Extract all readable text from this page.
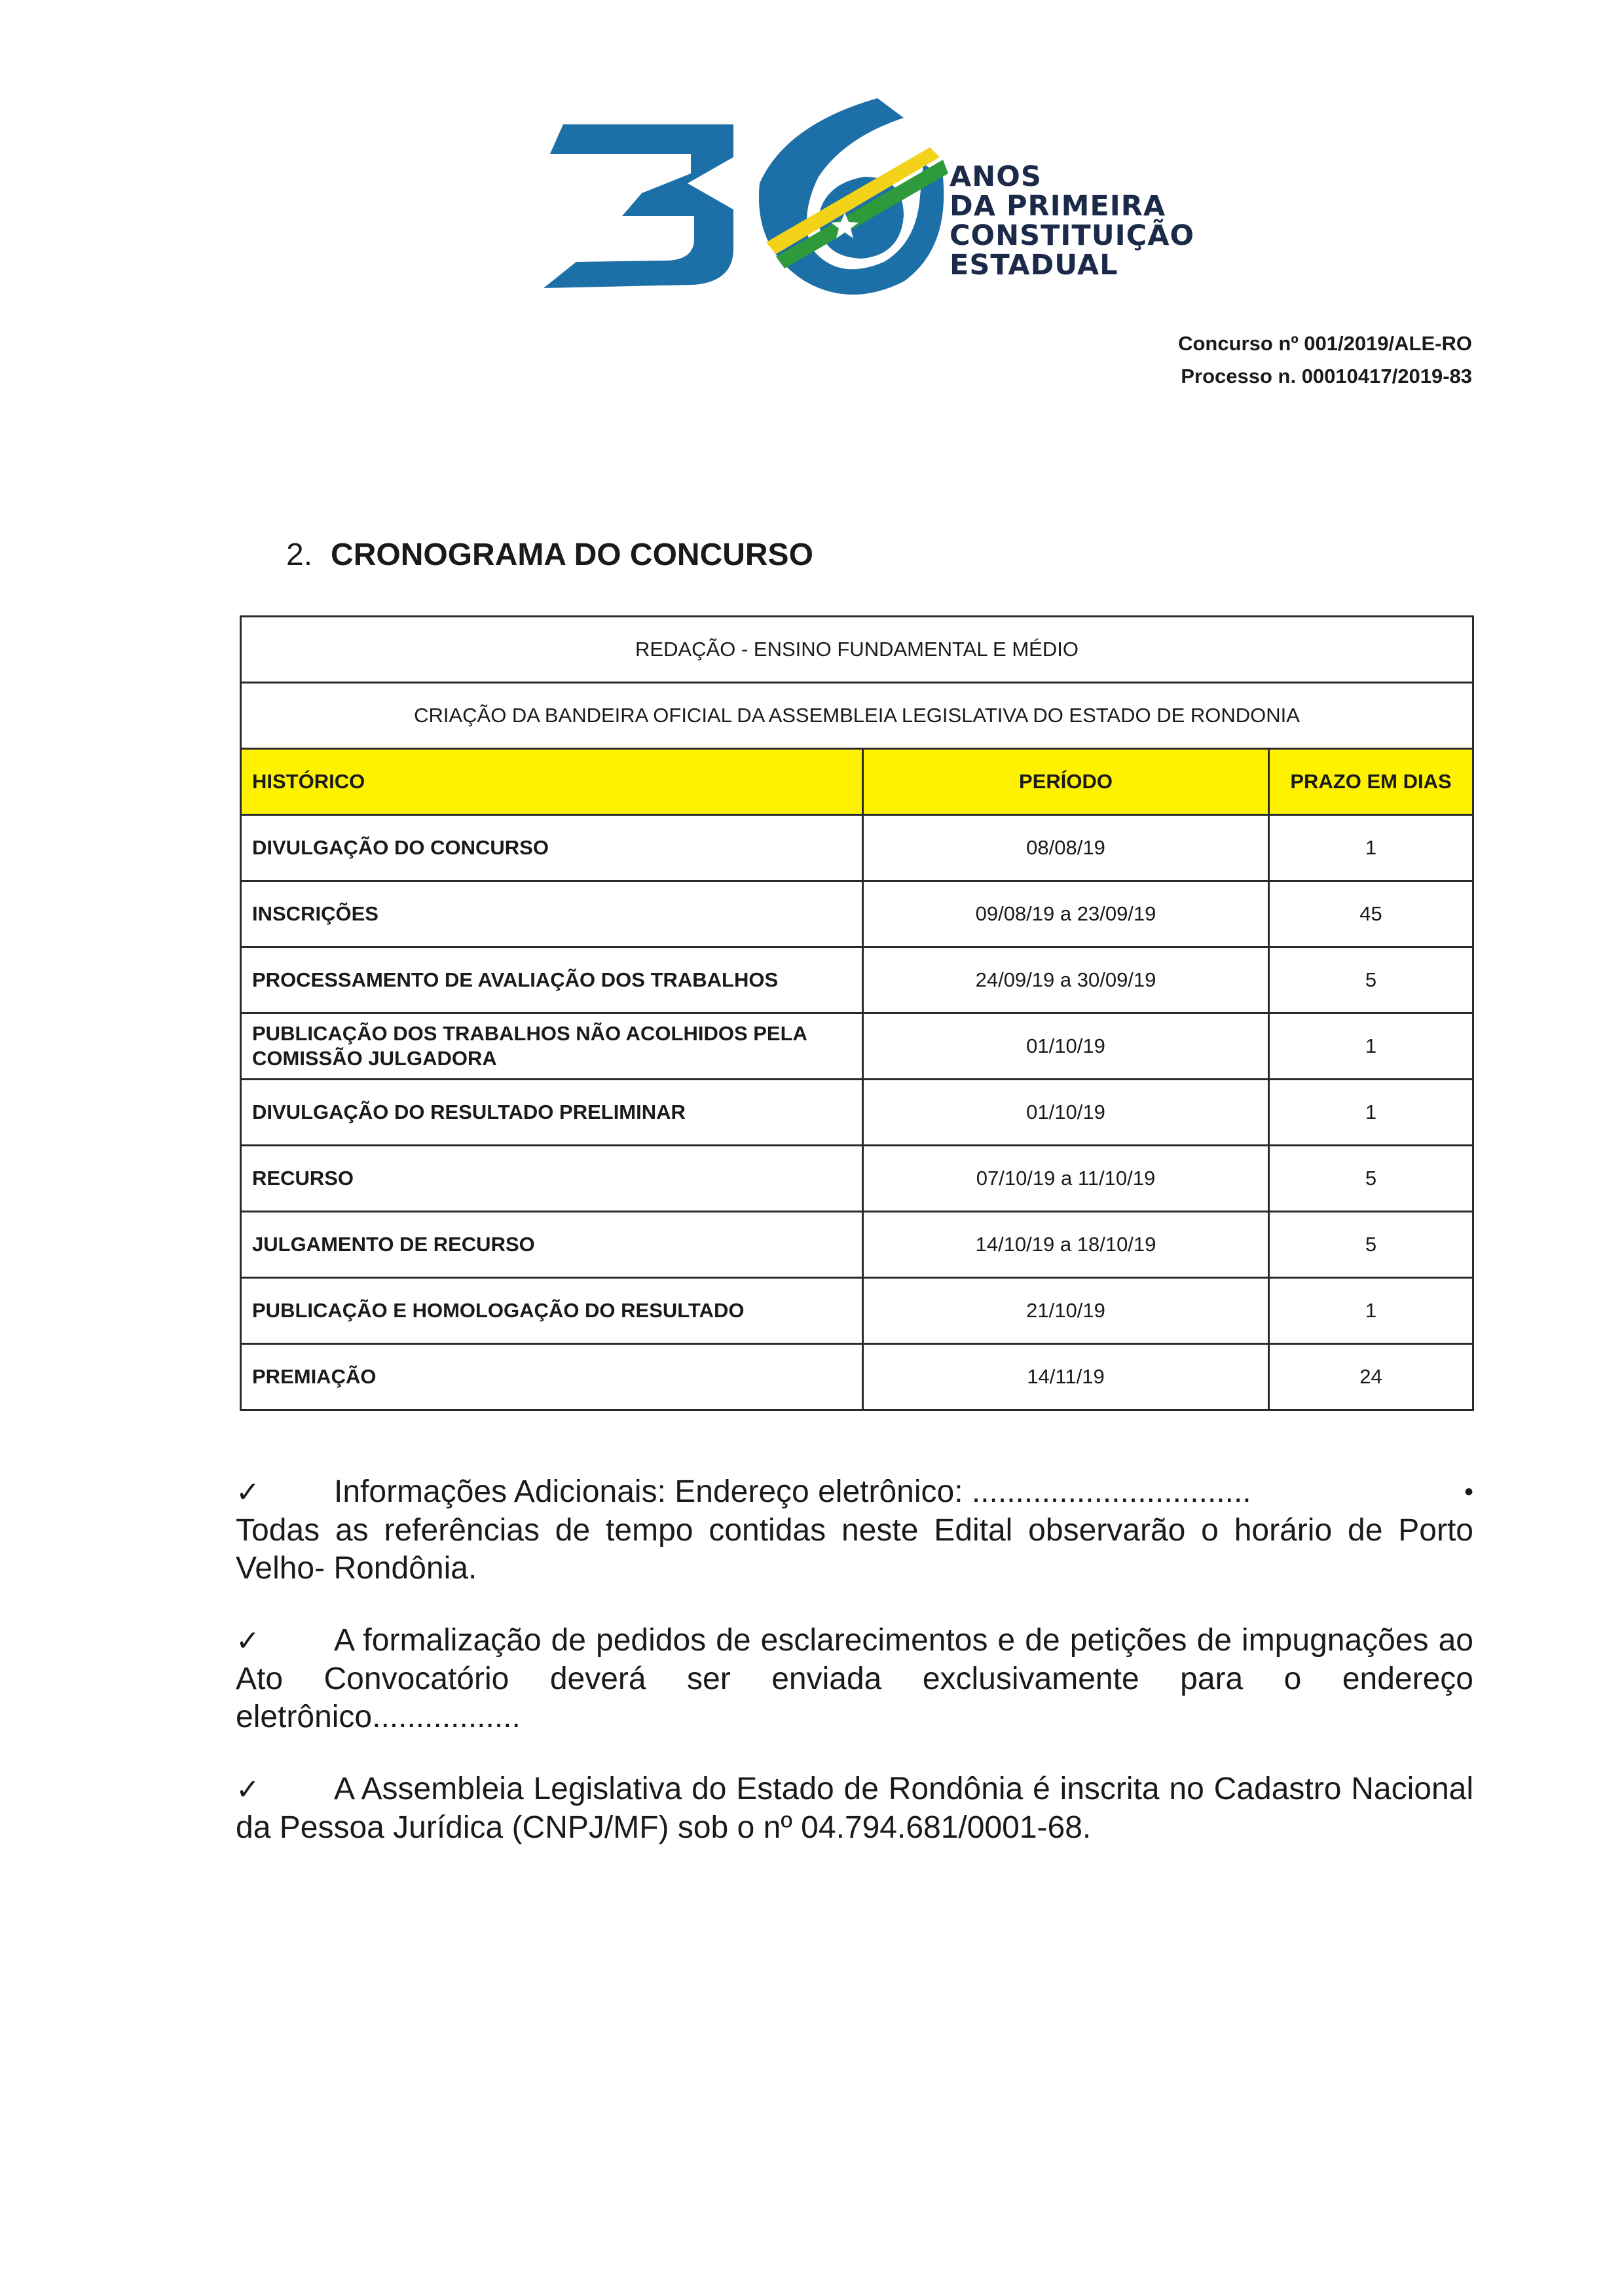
ANOS
DA PRIMEIRA
CONSTITUIÇÃO
ESTADUAL
Concurso nº 001/2019/ALE-RO
Processo n. 00010417/2019-83
2. CRONOGRAMA DO CONCURSO
REDAÇÃO - ENSINO FUNDAMENTAL E MÉDIO		
CRIAÇÃO DA BANDEIRA OFICIAL DA ASSEMBLEIA LEGISLATIVA DO ESTADO DE RONDONIA		
HISTÓRICO	PERÍODO	PRAZO EM DIAS
DIVULGAÇÃO DO CONCURSO	08/08/19	1
INSCRIÇÕES	09/08/19 a 23/09/19	45
PROCESSAMENTO DE AVALIAÇÃO DOS TRABALHOS	24/09/19 a 30/09/19	5
PUBLICAÇÃO DOS TRABALHOS NÃO ACOLHIDOS PELA COMISSÃO JULGADORA	01/10/19	1
DIVULGAÇÃO DO RESULTADO PRELIMINAR	01/10/19	1
RECURSO	07/10/19 a 11/10/19	5
JULGAMENTO DE RECURSO	14/10/19 a 18/10/19	5
PUBLICAÇÃO E HOMOLOGAÇÃO DO RESULTADO	21/10/19	1
PREMIAÇÃO	14/11/19	24
✓ Informações Adicionais: Endereço eletrônico: ................................	•
Todas as referências de tempo contidas neste Edital observarão o horário de Porto Velho- Rondônia.
✓ A formalização de pedidos de esclarecimentos e de petições de impugnações ao Ato Convocatório deverá ser enviada exclusivamente para o endereço eletrônico.................
✓ A Assembleia Legislativa do Estado de Rondônia é inscrita no Cadastro Nacional da Pessoa Jurídica (CNPJ/MF) sob o nº 04.794.681/0001-68.
